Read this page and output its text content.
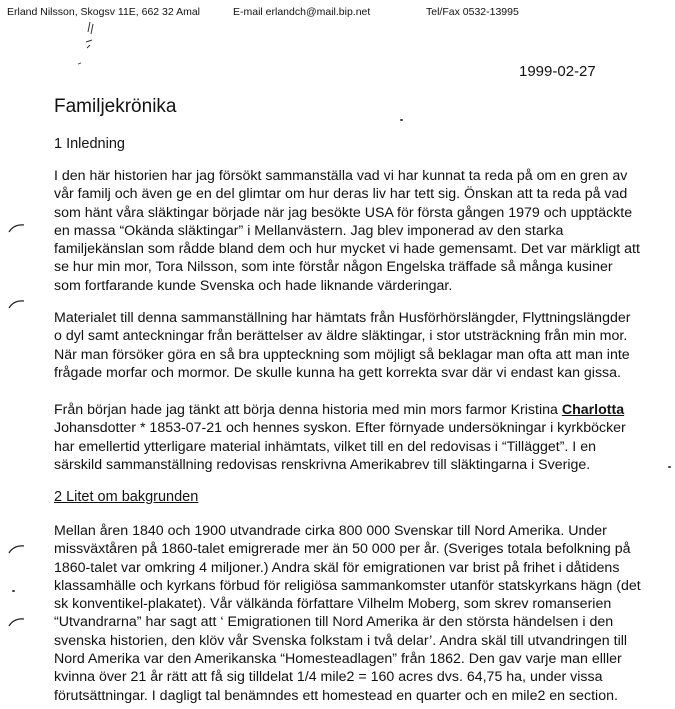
Erland Nilsson, Skogsv 11E, 662 32 Amal	E-mail erlandch@mail.bip.net	Tel/Fax 0532-13995
1999-02-27
Familjekrönika
1 Inledning

I den här historien har jag försökt sammanställa vad vi har kunnat ta reda på om en gren av
vår familj och även ge en del glimtar om hur deras liv har tett sig. Önskan att ta reda på vad
som hänt våra släktingar började när jag besökte USA för första gången 1979 och upptäckte
en massa “Okända släktingar” i Mellanvästern. Jag blev imponerad av den starka
familjekänslan som rådde bland dem och hur mycket vi hade gemensamt. Det var märkligt att
se hur min mor, Tora Nilsson, som inte förstår någon Engelska träffade så många kusiner
som fortfarande kunde Svenska och hade liknande värderingar.

Materialet till denna sammanställning har hämtats från Husförhörslängder, Flyttningslängder
o dyl samt anteckningar från berättelser av äldre släktingar, i stor utsträckning från min mor.
När man försöker göra en så bra uppteckning som möjligt så beklagar man ofta att man inte
frågade morfar och mormor. De skulle kunna ha gett korrekta svar där vi endast kan gissa.

Från början hade jag tänkt att börja denna historia med min mors farmor Kristina Charlotta
Johansdotter * 1853-07-21 och hennes syskon. Efter förnyade undersökningar i kyrkböcker
har emellertid ytterligare material inhämtats, vilket till en del redovisas i “Tillägget”. I en
särskild sammanställning redovisas renskrivna Amerikabrev till släktingarna i Sverige.

2 Litet om bakgrunden

Mellan åren 1840 och 1900 utvandrade cirka 800 000 Svenskar till Nord Amerika. Under
missväxtåren på 1860-talet emigrerade mer än 50 000 per år. (Sveriges totala befolkning på
1860-talet var omkring 4 miljoner.) Andra skäl för emigrationen var brist på frihet i dåtidens
klassamhälle och kyrkans förbud för religiösa sammankomster utanför statskyrkans hägn (det
sk konventikel-plakatet). Vår välkända författare Vilhelm Moberg, som skrev romanserien
“Utvandrarna” har sagt att ‘ Emigrationen till Nord Amerika är den största händelsen i den
svenska historien, den klöv vår Svenska folkstam i två delar’. Andra skäl till utvandringen till
Nord Amerika var den Amerikanska “Homesteadlagen” från 1862. Den gav varje man elller
kvinna över 21 år rätt att få sig tilldelat 1/4 mile2 = 160 acres dvs. 64,75 ha, under vissa
förutsättningar. I dagligt tal benämndes ett homestead en quarter och en mile2 en section.
